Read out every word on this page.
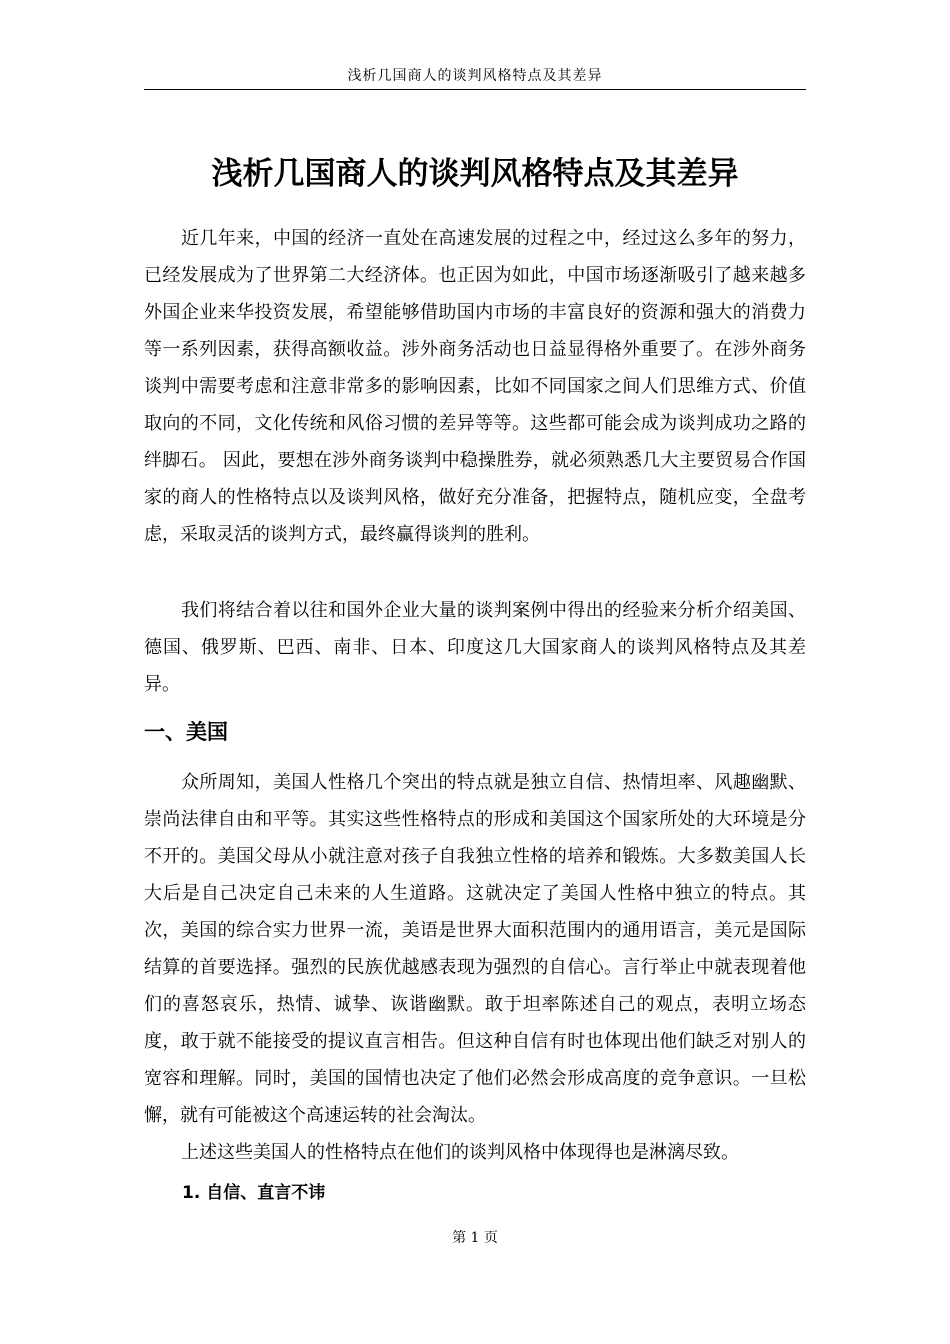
浅析几国商人的谈判风格特点及其差异
浅析几国商人的谈判风格特点及其差异

近几年来，中国的经济一直处在高速发展的过程之中，经过这么多年的努力，已经发展成为了世界第二大经济体。也正因为如此，中国市场逐渐吸引了越来越多外国企业来华投资发展，希望能够借助国内市场的丰富良好的资源和强大的消费力等一系列因素，获得高额收益。涉外商务活动也日益显得格外重要了。在涉外商务谈判中需要考虑和注意非常多的影响因素，比如不同国家之间人们思维方式、价值取向的不同，文化传统和风俗习惯的差异等等。这些都可能会成为谈判成功之路的绊脚石。 因此，要想在涉外商务谈判中稳操胜券，就必须熟悉几大主要贸易合作国家的商人的性格特点以及谈判风格，做好充分准备，把握特点，随机应变，全盘考虑，采取灵活的谈判方式，最终赢得谈判的胜利。

我们将结合着以往和国外企业大量的谈判案例中得出的经验来分析介绍美国、德国、俄罗斯、巴西、南非、日本、印度这几大国家商人的谈判风格特点及其差异。

一、美国

众所周知，美国人性格几个突出的特点就是独立自信、热情坦率、风趣幽默、崇尚法律自由和平等。其实这些性格特点的形成和美国这个国家所处的大环境是分不开的。美国父母从小就注意对孩子自我独立性格的培养和锻炼。大多数美国人长大后是自己决定自己未来的人生道路。这就决定了美国人性格中独立的特点。其次，美国的综合实力世界一流，美语是世界大面积范围内的通用语言，美元是国际结算的首要选择。强烈的民族优越感表现为强烈的自信心。言行举止中就表现着他们的喜怒哀乐，热情、诚挚、诙谐幽默。敢于坦率陈述自己的观点，表明立场态度，敢于就不能接受的提议直言相告。但这种自信有时也体现出他们缺乏对别人的宽容和理解。同时，美国的国情也决定了他们必然会形成高度的竞争意识。一旦松懈，就有可能被这个高速运转的社会淘汰。

上述这些美国人的性格特点在他们的谈判风格中体现得也是淋漓尽致。

1. 自信、直言不讳
第 1 页
